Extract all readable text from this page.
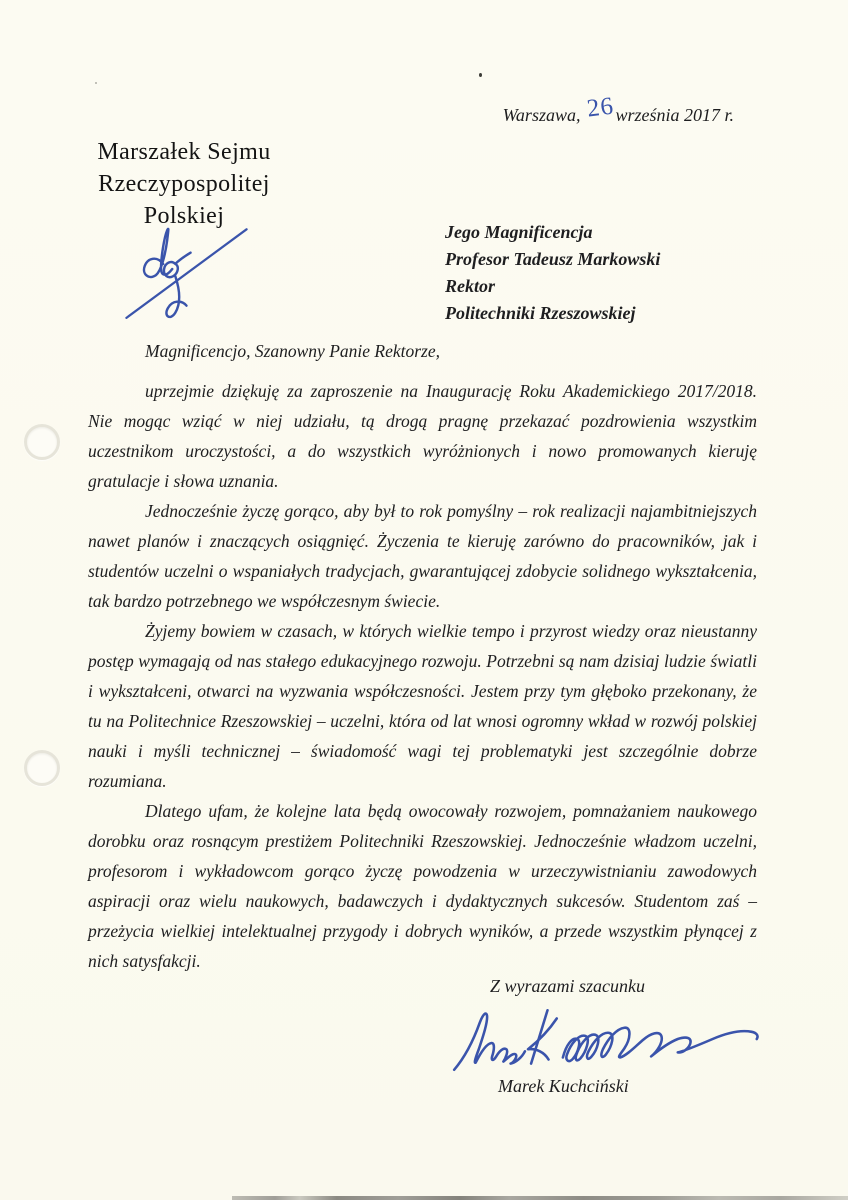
Warszawa, 26 września 2017 r.
Marszałek Sejmu
Rzeczypospolitej Polskiej
Jego Magnificencja
Profesor Tadeusz Markowski
Rektor
Politechniki Rzeszowskiej

Magnificencjo, Szanowny Panie Rektorze,

uprzejmie dziękuję za zaproszenie na Inaugurację Roku Akademickiego 2017/2018. Nie mogąc wziąć w niej udziału, tą drogą pragnę przekazać pozdrowienia wszystkim uczestnikom uroczystości, a do wszystkich wyróżnionych i nowo promowanych kieruję gratulacje i słowa uznania.

Jednocześnie życzę gorąco, aby był to rok pomyślny – rok realizacji najambitniejszych nawet planów i znaczących osiągnięć. Życzenia te kieruję zarówno do pracowników, jak i studentów uczelni o wspaniałych tradycjach, gwarantującej zdobycie solidnego wykształcenia, tak bardzo potrzebnego we współczesnym świecie.

Żyjemy bowiem w czasach, w których wielkie tempo i przyrost wiedzy oraz nieustanny postęp wymagają od nas stałego edukacyjnego rozwoju. Potrzebni są nam dzisiaj ludzie światli i wykształceni, otwarci na wyzwania współczesności. Jestem przy tym głęboko przekonany, że tu na Politechnice Rzeszowskiej – uczelni, która od lat wnosi ogromny wkład w rozwój polskiej nauki i myśli technicznej – świadomość wagi tej problematyki jest szczególnie dobrze rozumiana.

Dlatego ufam, że kolejne lata będą owocowały rozwojem, pomnażaniem naukowego dorobku oraz rosnącym prestiżem Politechniki Rzeszowskiej. Jednocześnie władzom uczelni, profesorom i wykładowcom gorąco życzę powodzenia w urzeczywistnianiu zawodowych aspiracji oraz wielu naukowych, badawczych i dydaktycznych sukcesów. Studentom zaś – przeżycia wielkiej intelektualnej przygody i dobrych wyników, a przede wszystkim płynącej z nich satysfakcji.

Z wyrazami szacunku
Marek Kuchciński
